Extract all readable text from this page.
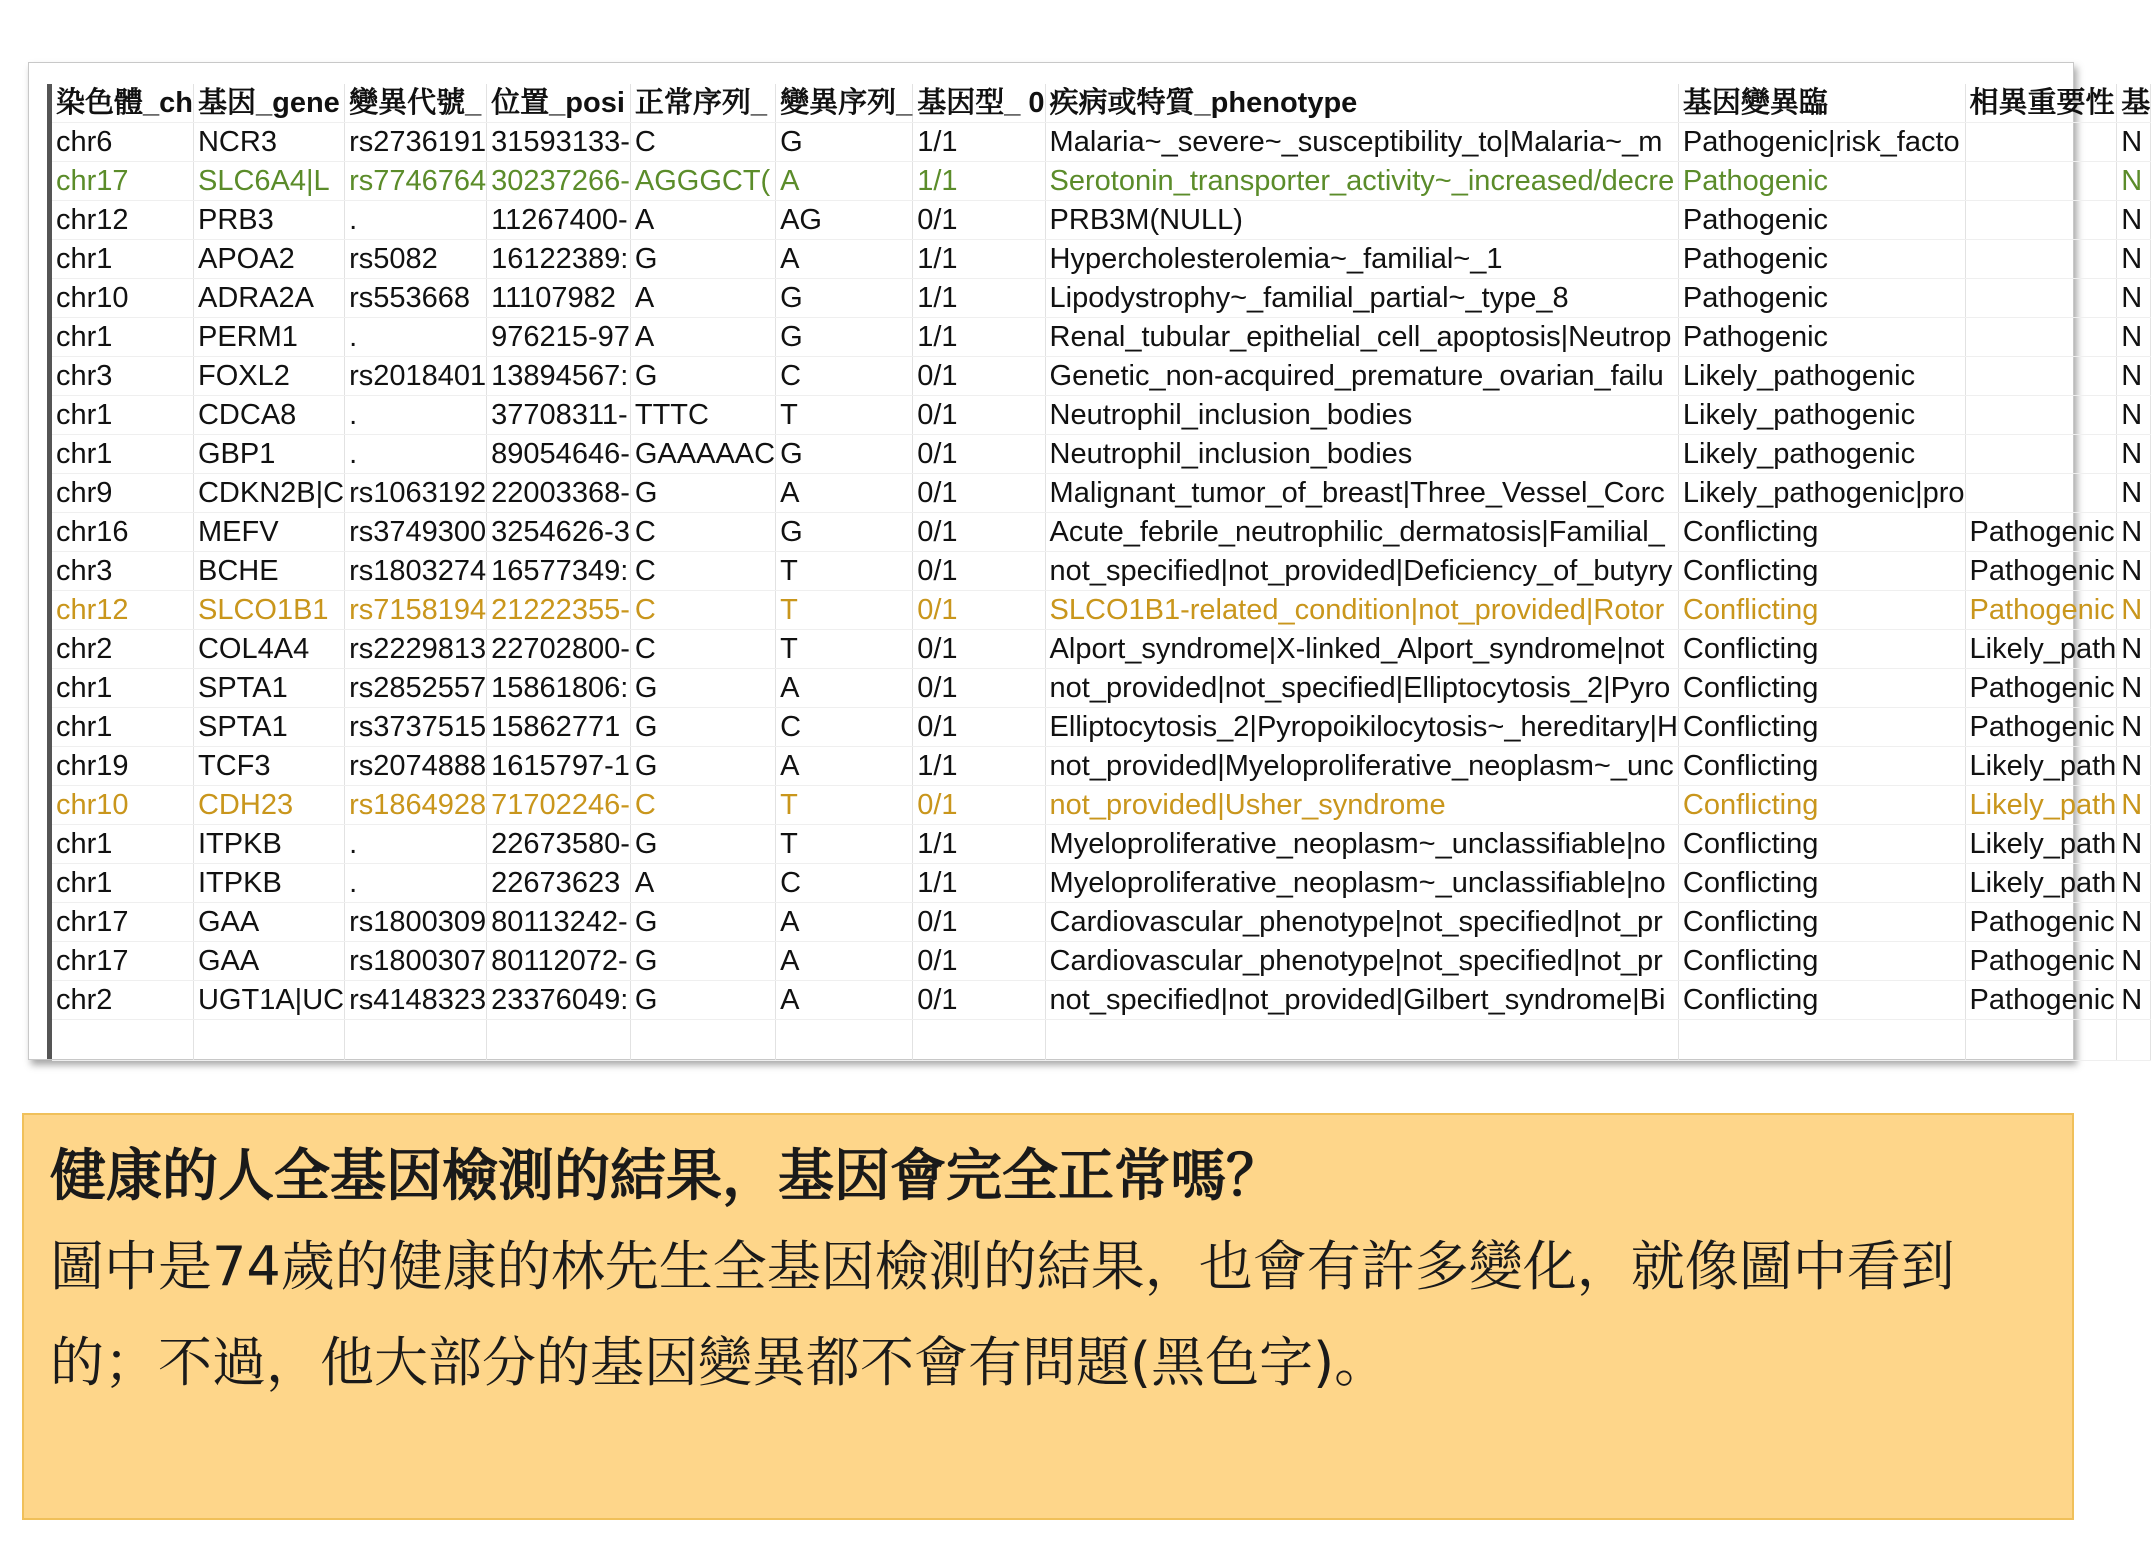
染色體_ch	基因_gene	變異代號_	位置_posi	正常序列_	變異序列_	基因型_ 0	疾病或特質_phenotype	基因變異臨	相異重要性	基
chr6	NCR3	rs2736191	31593133-	C	G	1/1	Malaria~_severe~_susceptibility_to|Malaria~_m	Pathogenic|risk_facto		N
chr17	SLC6A4|L	rs7746764	30237266-	AGGGCT(	A	1/1	Serotonin_transporter_activity~_increased/decre	Pathogenic		N
chr12	PRB3	.	11267400-	A	AG	0/1	PRB3M(NULL)	Pathogenic		N
chr1	APOA2	rs5082	16122389:	G	A	1/1	Hypercholesterolemia~_familial~_1	Pathogenic		N
chr10	ADRA2A	rs553668	11107982	A	G	1/1	Lipodystrophy~_familial_partial~_type_8	Pathogenic		N
chr1	PERM1	.	976215-97	A	G	1/1	Renal_tubular_epithelial_cell_apoptosis|Neutrop	Pathogenic		N
chr3	FOXL2	rs2018401	13894567:	G	C	0/1	Genetic_non-acquired_premature_ovarian_failu	Likely_pathogenic		N
chr1	CDCA8	.	37708311-	TTTC	T	0/1	Neutrophil_inclusion_bodies	Likely_pathogenic		N
chr1	GBP1	.	89054646-	GAAAAAC	G	0/1	Neutrophil_inclusion_bodies	Likely_pathogenic		N
chr9	CDKN2B|C	rs1063192	22003368-	G	A	0/1	Malignant_tumor_of_breast|Three_Vessel_Corc	Likely_pathogenic|pro		N
chr16	MEFV	rs3749300	3254626-3	C	G	0/1	Acute_febrile_neutrophilic_dermatosis|Familial_	Conflicting	Pathogenic	N
chr3	BCHE	rs1803274	16577349:	C	T	0/1	not_specified|not_provided|Deficiency_of_butyry	Conflicting	Pathogenic	N
chr12	SLCO1B1	rs7158194	21222355-	C	T	0/1	SLCO1B1-related_condition|not_provided|Rotor	Conflicting	Pathogenic	N
chr2	COL4A4	rs2229813	22702800-	C	T	0/1	Alport_syndrome|X-linked_Alport_syndrome|not	Conflicting	Likely_path	N
chr1	SPTA1	rs2852557	15861806:	G	A	0/1	not_provided|not_specified|Elliptocytosis_2|Pyro	Conflicting	Pathogenic	N
chr1	SPTA1	rs3737515	15862771	G	C	0/1	Elliptocytosis_2|Pyropoikilocytosis~_hereditary|H	Conflicting	Pathogenic	N
chr19	TCF3	rs2074888	1615797-1	G	A	1/1	not_provided|Myeloproliferative_neoplasm~_unc	Conflicting	Likely_path	N
chr10	CDH23	rs1864928	71702246-	C	T	0/1	not_provided|Usher_syndrome	Conflicting	Likely_path	N
chr1	ITPKB	.	22673580-	G	T	1/1	Myeloproliferative_neoplasm~_unclassifiable|no	Conflicting	Likely_path	N
chr1	ITPKB	.	22673623	A	C	1/1	Myeloproliferative_neoplasm~_unclassifiable|no	Conflicting	Likely_path	N
chr17	GAA	rs1800309	80113242-	G	A	0/1	Cardiovascular_phenotype|not_specified|not_pr	Conflicting	Pathogenic	N
chr17	GAA	rs1800307	80112072-	G	A	0/1	Cardiovascular_phenotype|not_specified|not_pr	Conflicting	Pathogenic	N
chr2	UGT1A|UC	rs4148323	23376049:	G	A	0/1	not_specified|not_provided|Gilbert_syndrome|Bi	Conflicting	Pathogenic	N

健康的人全基因檢測的結果，基因會完全正常嗎？

圖中是74歲的健康的林先生全基因檢測的結果，也會有許多變化，就像圖中看到的；不過，他大部分的基因變異都不會有問題(黑色字)。
